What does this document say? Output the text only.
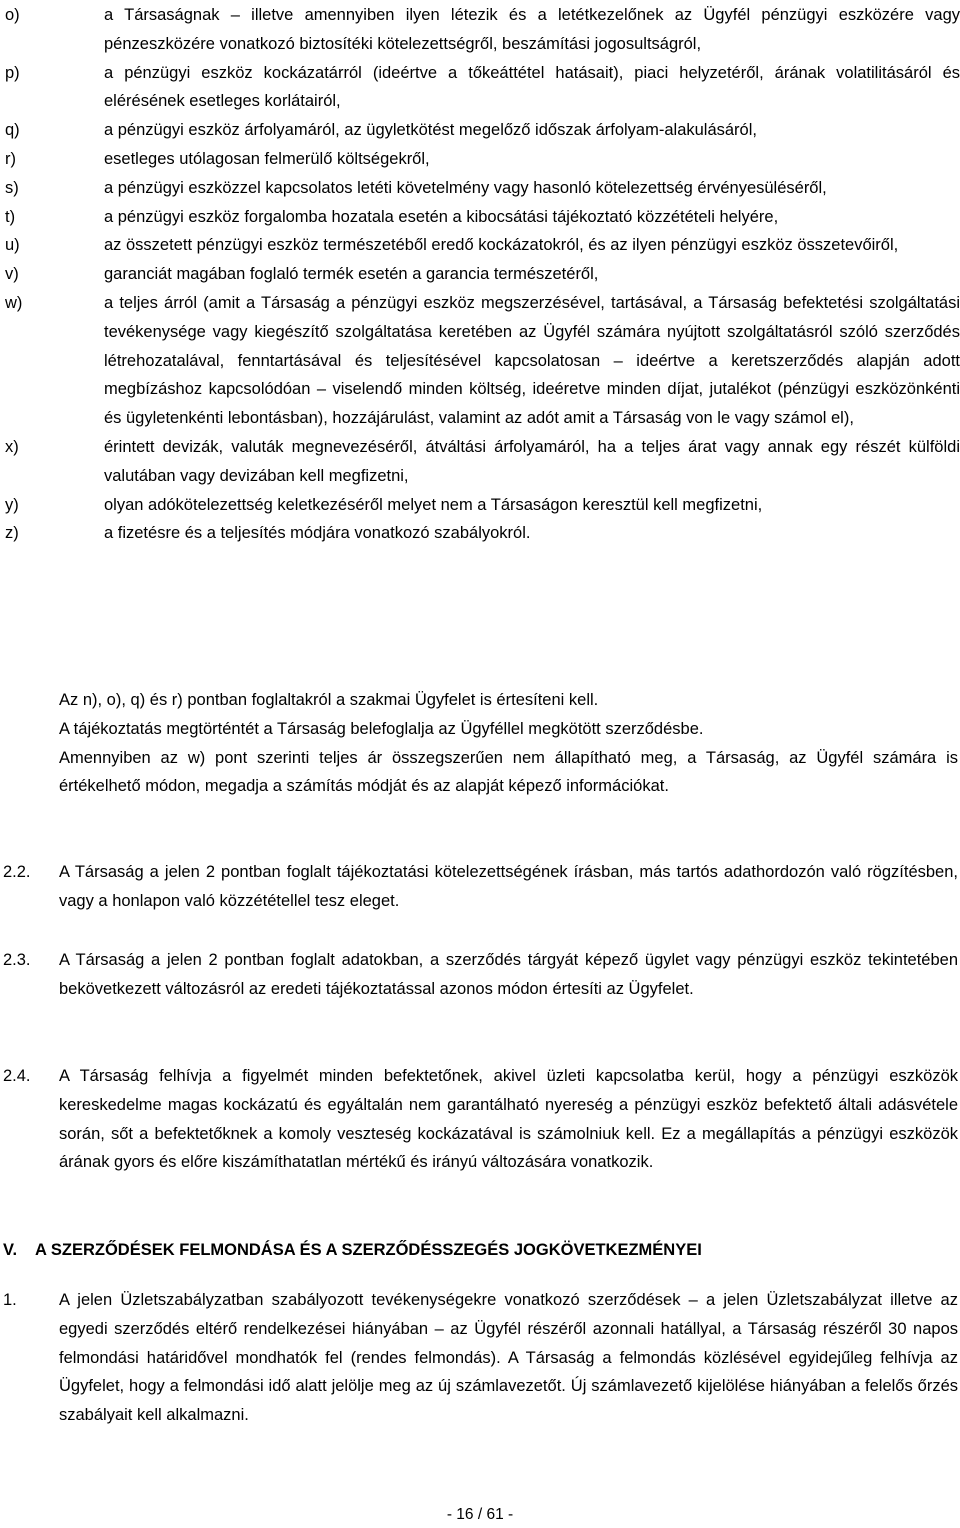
o)	a Társaságnak – illetve amennyiben ilyen létezik és a letétkezelőnek az Ügyfél pénzügyi eszközére vagy pénzeszközére vonatkozó biztosítéki kötelezettségről, beszámítási jogosultságról,
p)	a pénzügyi eszköz kockázatárról (ideértve a tőkeáttétel hatásait), piaci helyzetéről, árának volatilitásáról és elérésének esetleges korlátairól,
q)	a pénzügyi eszköz árfolyamáról, az ügyletkötést megelőző időszak árfolyam-alakulásáról,
r)	esetleges utólagosan felmerülő költségekről,
s)	a pénzügyi eszközzel kapcsolatos letéti követelmény vagy hasonló kötelezettség érvényesüléséről,
t)	a pénzügyi eszköz forgalomba hozatala esetén a kibocsátási tájékoztató közzétételi helyére,
u)	az összetett pénzügyi eszköz természetéből eredő kockázatokról, és az ilyen pénzügyi eszköz összetevőiről,
v)	garanciát magában foglaló termék esetén a garancia természetéről,
w)	a teljes árról (amit a Társaság a pénzügyi eszköz megszerzésével, tartásával, a Társaság befektetési szolgáltatási tevékenysége vagy kiegészítő szolgáltatása keretében az Ügyfél számára nyújtott szolgáltatásról szóló szerződés létrehozatalával, fenntartásával és teljesítésével kapcsolatosan – ideértve a keretszerződés alapján adott megbízáshoz kapcsolódóan – viselendő minden költség, ideéretve minden díjat, jutalékot (pénzügyi eszközönkénti és ügyletenkénti lebontásban), hozzájárulást, valamint az adót amit a Társaság von le vagy számol el),
x)	érintett devizák, valuták megnevezéséről, átváltási árfolyamáról, ha a teljes árat vagy annak egy részét külföldi valutában vagy devizában kell megfizetni,
y)	olyan adókötelezettség keletkezéséről melyet nem a Társaságon keresztül kell megfizetni,
z)	a fizetésre és a teljesítés módjára vonatkozó szabályokról.

Az n), o), q) és r) pontban foglaltakról a szakmai Ügyfelet is értesíteni kell.

A tájékoztatás megtörténtét a Társaság belefoglalja az Ügyféllel megkötött szerződésbe.

Amennyiben az w) pont szerinti teljes ár összegszerűen nem állapítható meg, a Társaság, az Ügyfél számára is értékelhető módon, megadja a számítás módját és az alapját képező információkat.

2.2. A Társaság a jelen 2 pontban foglalt tájékoztatási kötelezettségének írásban, más tartós adathordozón való rögzítésben, vagy a honlapon való közzététellel tesz eleget.

2.3. A Társaság a jelen 2 pontban foglalt adatokban, a szerződés tárgyát képező ügylet vagy pénzügyi eszköz tekintetében bekövetkezett változásról az eredeti tájékoztatással azonos módon értesíti az Ügyfelet.

2.4. A Társaság felhívja a figyelmét minden befektetőnek, akivel üzleti kapcsolatba kerül, hogy a pénzügyi eszközök kereskedelme magas kockázatú és egyáltalán nem garantálható nyereség a pénzügyi eszköz befektető általi adásvétele során, sőt a befektetőknek a komoly veszteség kockázatával is számolniuk kell. Ez a megállapítás a pénzügyi eszközök árának gyors és előre kiszámíthatatlan mértékű és irányú változására vonatkozik.

V. A SZERZŐDÉSEK FELMONDÁSA ÉS A SZERZŐDÉSSZEGÉS JOGKÖVETKEZMÉNYEI
1.	A jelen Üzletszabályzatban szabályozott tevékenységekre vonatkozó szerződések – a jelen Üzletszabályzat illetve az egyedi szerződés eltérő rendelkezései hiányában – az Ügyfél részéről azonnali hatállyal, a Társaság részéről 30 napos felmondási határidővel mondhatók fel (rendes felmondás). A Társaság a felmondás közlésével egyidejűleg felhívja az Ügyfelet, hogy a felmondási idő alatt jelölje meg az új számlavezetőt. Új számlavezető kijelölése hiányában a felelős őrzés szabályait kell alkalmazni.

- 16 / 61 -
